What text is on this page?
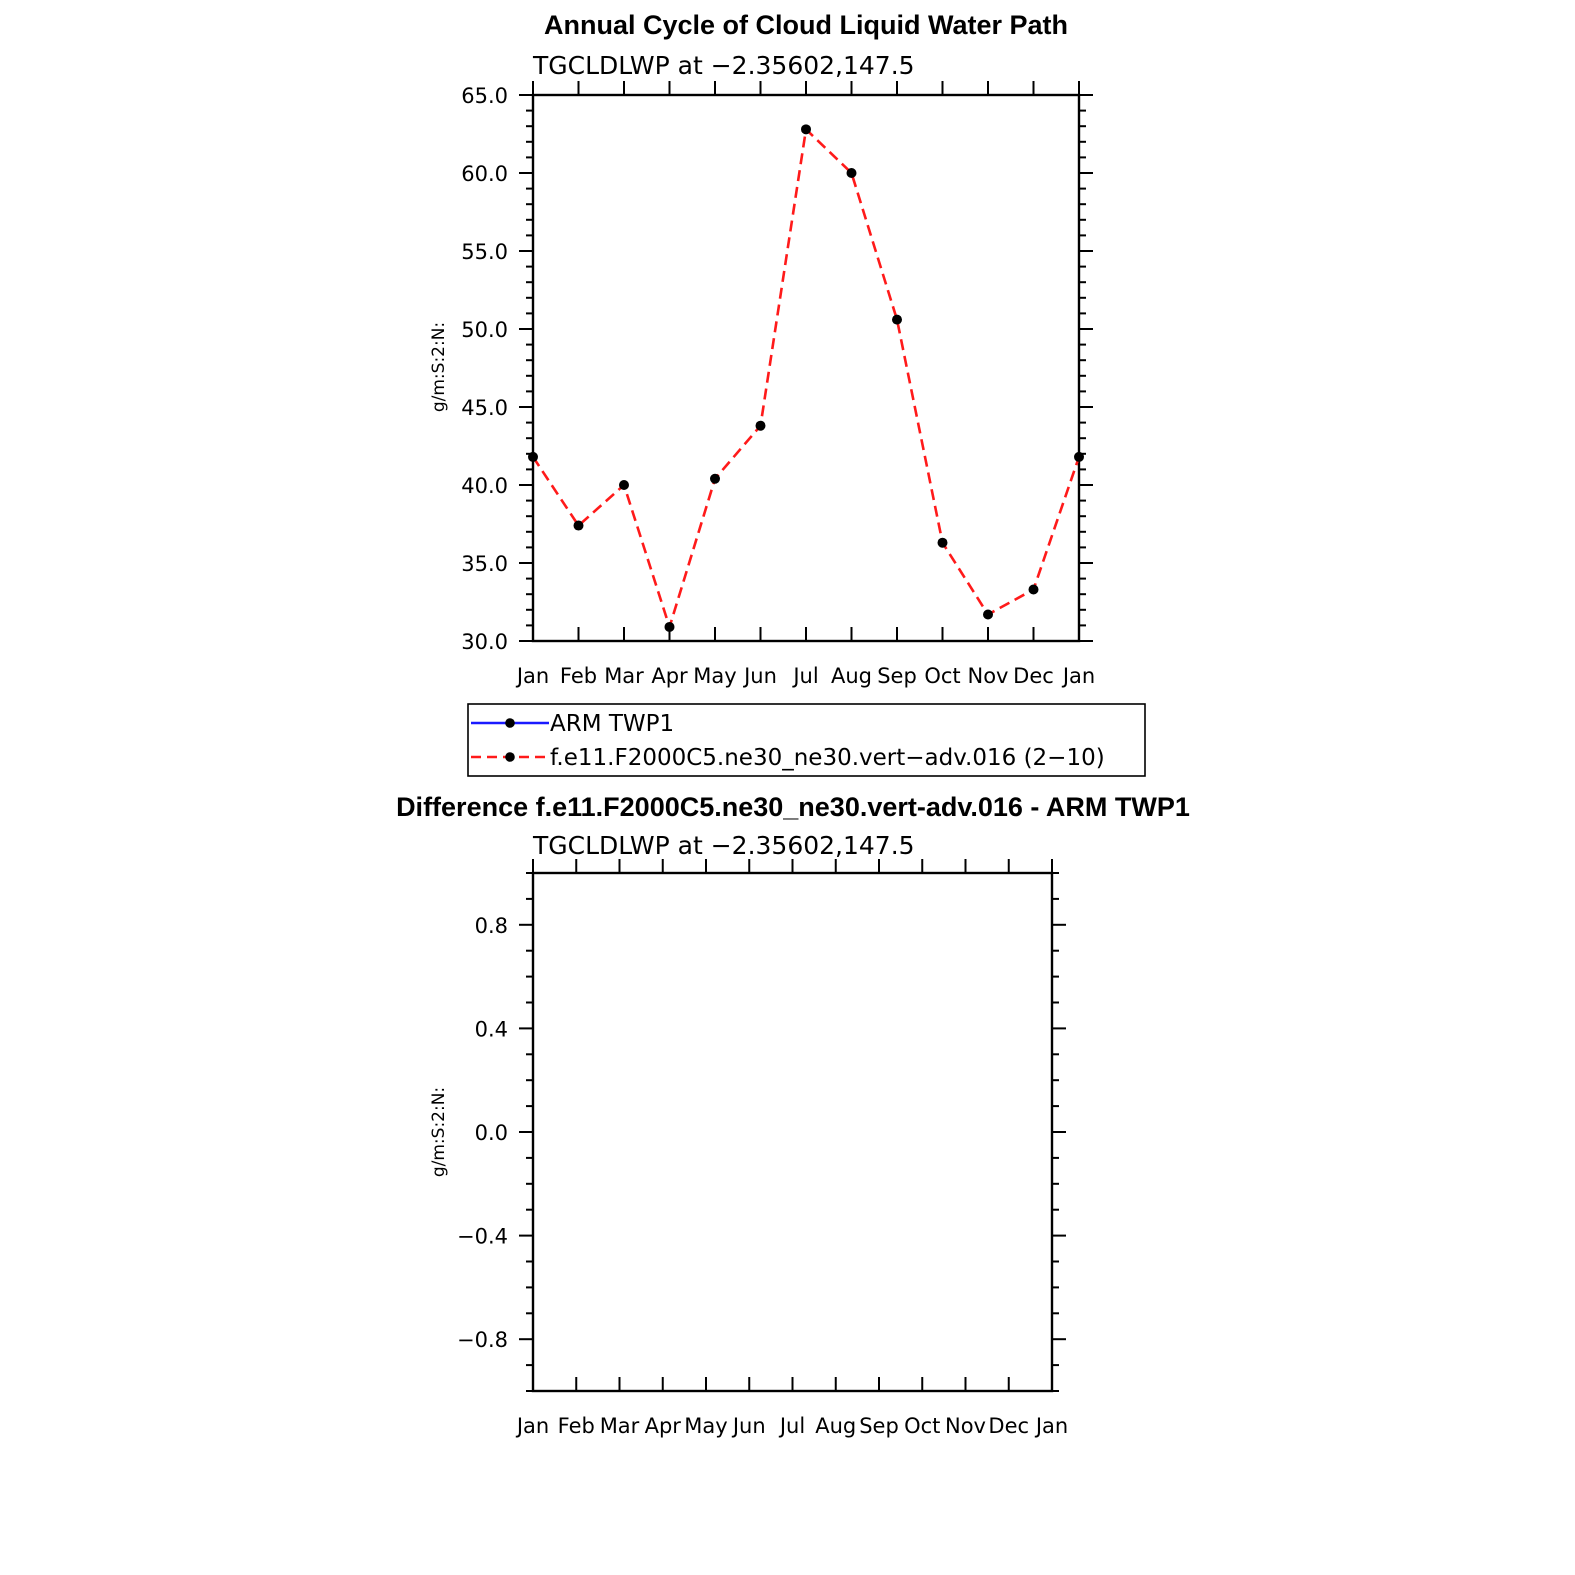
Annual Cycle of Cloud Liquid Water Path
TGCLDLWP at −2.35602,147.5
g/m:S:2:N:
30.0
35.0
40.0
45.0
50.0
55.0
60.0
65.0
Jan Feb Mar Apr May Jun Jul Aug Sep Oct Nov Dec Jan
ARM TWP1
f.e11.F2000C5.ne30_ne30.vert−adv.016 (2−10)
Difference f.e11.F2000C5.ne30_ne30.vert-adv.016 - ARM TWP1
TGCLDLWP at −2.35602,147.5
g/m:S:2:N:
−0.8
−0.4
0.0
0.4
0.8
Jan Feb Mar Apr May Jun Jul Aug Sep Oct Nov Dec Jan
